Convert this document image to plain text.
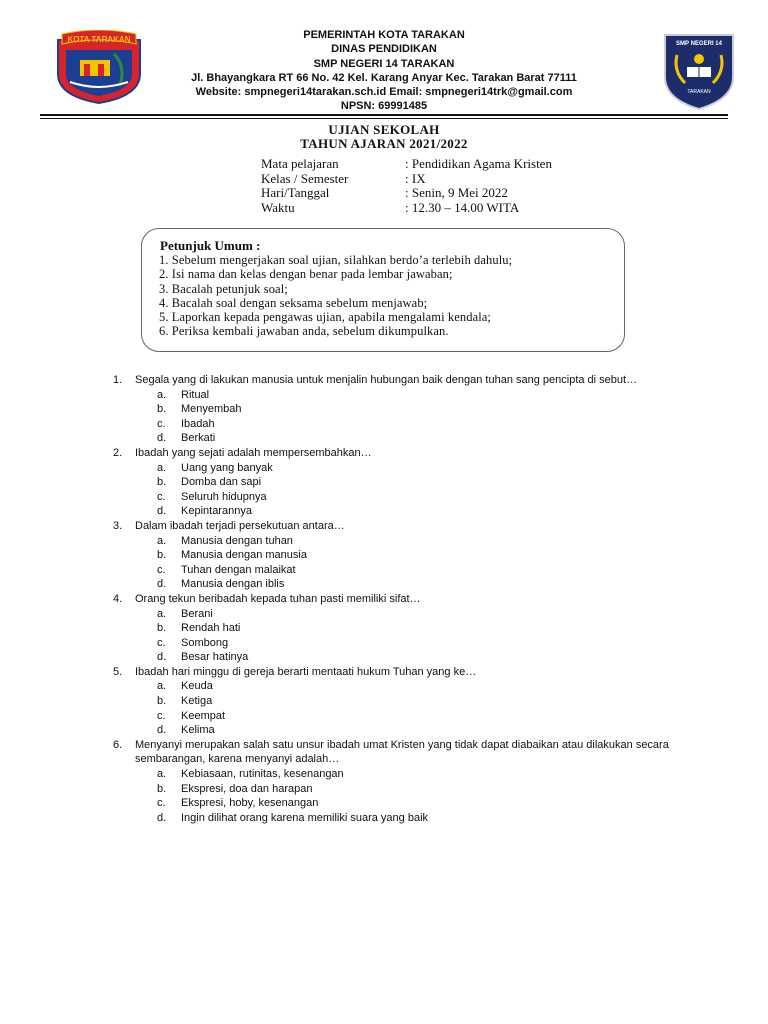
KOTA TARAKAN	PEMERINTAH KOTA TARAKAN
DINAS PENDIDIKAN
SMP NEGERI 14 TARAKAN
Jl. Bhayangkara RT 66 No. 42 Kel. Karang Anyar Kec. Tarakan Barat 77111
Website: smpnegeri14tarakan.sch.id Email: smpnegeri14trk@gmail.com
NPSN: 69991485
SMP NEGERI 14
TARAKAN
UJIAN SEKOLAH
TAHUN AJARAN 2021/2022
Mata pelajaran	: Pendidikan Agama Kristen
Kelas / Semester	: IX
Hari/Tanggal	: Senin, 9 Mei 2022
Waktu	: 12.30 – 14.00 WITA
Petunjuk Umum :
1. Sebelum mengerjakan soal ujian, silahkan berdo’a terlebih dahulu;
2. Isi nama dan kelas dengan benar pada lembar jawaban;
3. Bacalah petunjuk soal;
4. Bacalah soal dengan seksama sebelum menjawab;
5. Laporkan kepada pengawas ujian, apabila mengalami kendala;
6. Periksa kembali jawaban anda, sebelum dikumpulkan.
1.	Segala yang di lakukan manusia untuk menjalin hubungan baik dengan tuhan sang pencipta di sebut…
a.	Ritual
b.	Menyembah
c.	Ibadah
d.	Berkati
2.	Ibadah yang sejati adalah mempersembahkan…
a.	Uang yang banyak
b.	Domba dan sapi
c.	Seluruh hidupnya
d.	Kepintarannya
3.	Dalam ibadah terjadi persekutuan antara…
a.	Manusia dengan tuhan
b.	Manusia dengan manusia
c.	Tuhan dengan malaikat
d.	Manusia dengan iblis
4.	Orang tekun beribadah kepada tuhan pasti memiliki sifat…
a.	Berani
b.	Rendah hati
c.	Sombong
d.	Besar hatinya
5.	Ibadah hari minggu di gereja berarti mentaati hukum Tuhan yang ke…
a.	Keuda
b.	Ketiga
c.	Keempat
d.	Kelima
6.	Menyanyi merupakan salah satu unsur ibadah umat Kristen yang tidak dapat diabaikan atau dilakukan secara sembarangan, karena menyanyi adalah…
a.	Kebiasaan, rutinitas, kesenangan
b.	Ekspresi, doa dan harapan
c.	Ekspresi, hoby, kesenangan
d.	Ingin dilihat orang karena memiliki suara yang baik
